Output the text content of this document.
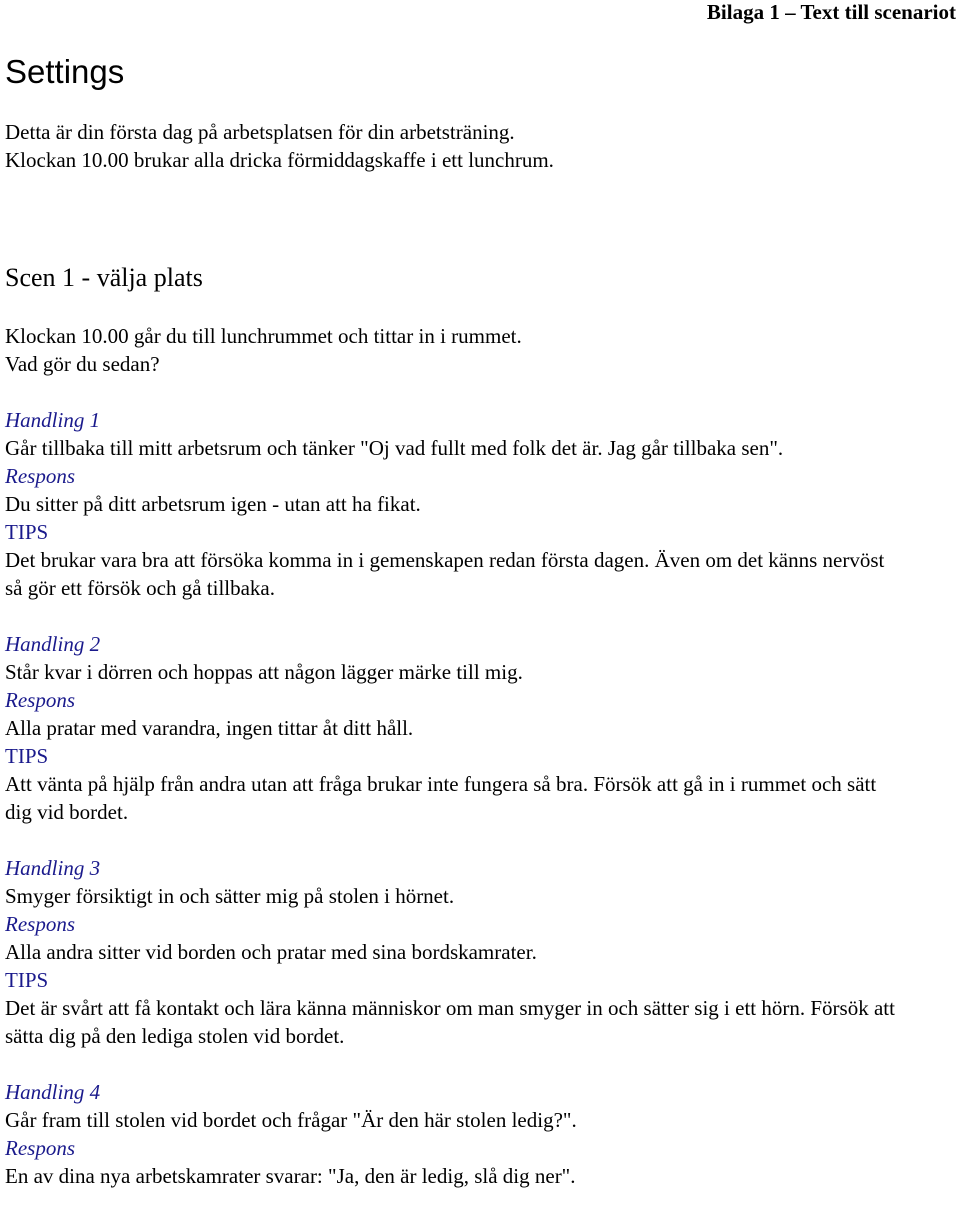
Bilaga 1 – Text till scenariot
Settings

Detta är din första dag på arbetsplatsen för din arbetsträning.

Klockan 10.00 brukar alla dricka förmiddagskaffe i ett lunchrum.

Scen 1 - välja plats

Klockan 10.00 går du till lunchrummet och tittar in i rummet.

Vad gör du sedan?

Handling 1

Går tillbaka till mitt arbetsrum och tänker "Oj vad fullt med folk det är. Jag går tillbaka sen".

Respons

Du sitter på ditt arbetsrum igen - utan att ha fikat.

TIPS

Det brukar vara bra att försöka komma in i gemenskapen redan första dagen. Även om det känns nervöst så gör ett försök och gå tillbaka.

Handling 2

Står kvar i dörren och hoppas att någon lägger märke till mig.

Respons

Alla pratar med varandra, ingen tittar åt ditt håll.

TIPS

Att vänta på hjälp från andra utan att fråga brukar inte fungera så bra. Försök att gå in i rummet och sätt dig vid bordet.

Handling 3

Smyger försiktigt in och sätter mig på stolen i hörnet.

Respons

Alla andra sitter vid borden och pratar med sina bordskamrater.

TIPS

Det är svårt att få kontakt och lära känna människor om man smyger in och sätter sig i ett hörn. Försök att sätta dig på den lediga stolen vid bordet.

Handling 4

Går fram till stolen vid bordet och frågar "Är den här stolen ledig?".

Respons

En av dina nya arbetskamrater svarar: "Ja, den är ledig, slå dig ner".
